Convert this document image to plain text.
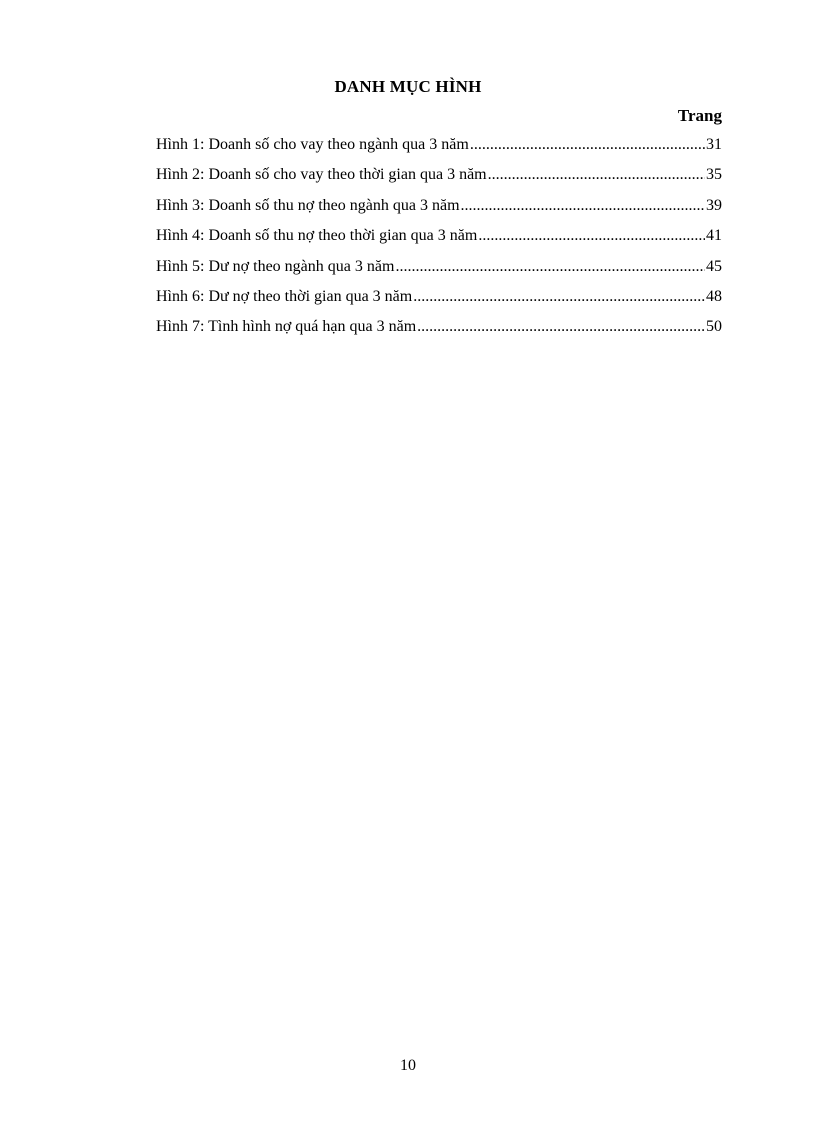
DANH MỤC HÌNH
Trang
Hình 1: Doanh số cho vay theo ngành qua 3 năm .....	31
Hình 2: Doanh số cho vay theo thời gian qua 3 năm .....	35
Hình 3: Doanh số thu nợ theo ngành qua 3 năm .....	39
Hình 4: Doanh số thu nợ theo thời gian qua 3 năm .....	41
Hình 5: Dư nợ theo ngành qua 3 năm .....	45
Hình 6: Dư nợ theo thời gian qua 3 năm .....	48
Hình 7: Tình hình nợ quá hạn qua 3 năm .....	50
10
